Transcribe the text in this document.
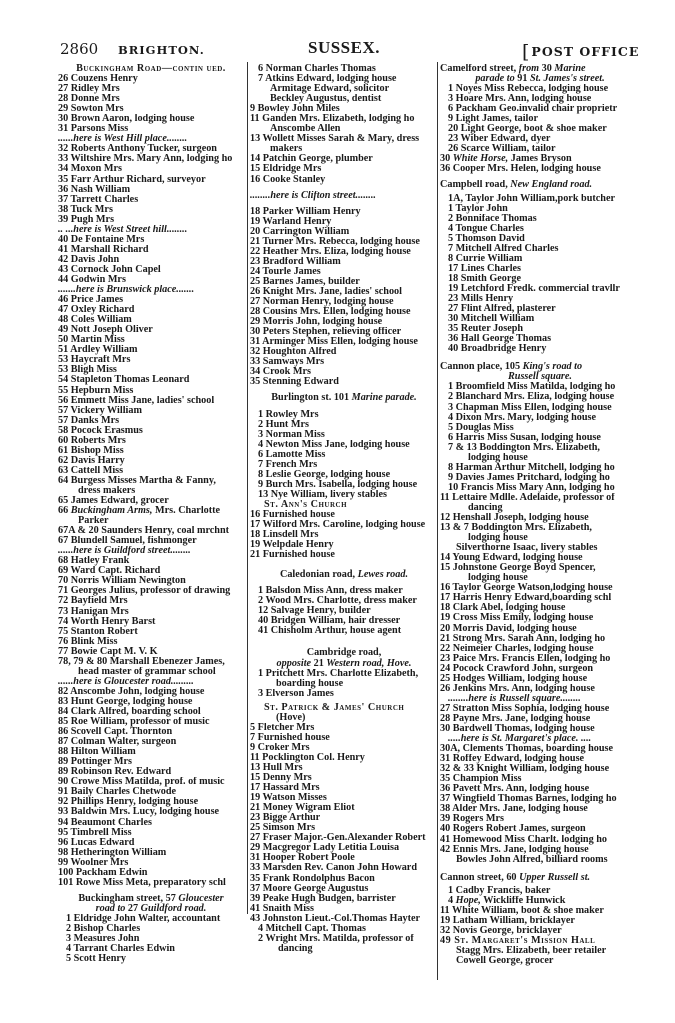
2860 BRIGHTON.	SUSSEX.	[POST OFFICE
Buckingham Road—contin ued.
26 Couzens Henry
27 Ridley Mrs
28 Donne Mrs
29 Sowton Mrs
30 Brown Aaron, lodging house
31 Parsons Miss
......here is West Hill place........
32 Roberts Anthony Tucker, surgeon
33 Wiltshire Mrs. Mary Ann, lodging ho
34 Moxon Mrs
35 Farr Arthur Richard, surveyor
36 Nash William
37 Tarrett Charles
38 Tuck Mrs
39 Pugh Mrs
.. ...here is West Street hill........
40 De Fontaine Mrs
41 Marshall Richard
42 Davis John
43 Cornock John Capel
44 Godwin Mrs
.......here is Brunswick place.......
46 Price James
47 Oxley Richard
48 Coles William
49 Nott Joseph Oliver
50 Martin Miss
51 Ardley William
53 Haycraft Mrs
53 Bligh Miss
54 Stapleton Thomas Leonard
55 Hepburn Miss
56 Emmett Miss Jane, ladies' school
57 Vickery William
57 Danks Mrs
58 Pocock Erasmus
60 Roberts Mrs
61 Bishop Miss
62 Davis Harry
63 Cattell Miss
64 Burgess Misses Martha & Fanny,
dress makers
65 James Edward, grocer
66 Buckingham Arms, Mrs. Charlotte
Parker
67A & 20 Saunders Henry, coal mrchnt
67 Blundell Samuel, fishmonger
......here is Guildford street........
68 Hatley Frank
69 Ward Capt. Richard
70 Norris William Newington
71 Georges Julius, professor of drawing
72 Bayfield Mrs
73 Hanigan Mrs
74 Worth Henry Barst
75 Stanton Robert
76 Blink Miss
77 Bowie Capt M. V. K
78, 79 & 80 Marshall Ebenezer James,
head master of grammar school
......here is Gloucester road.........
82 Anscombe John, lodging house
83 Hunt George, lodging house
84 Clark Alfred, boarding school
85 Roe William, professor of music
86 Scovell Capt. Thornton
87 Colman Walter, surgeon
88 Hilton William
89 Pottinger Mrs
89 Robinson Rev. Edward
90 Crowe Miss Matilda, prof. of music
91 Baily Charles Chetwode
92 Phillips Henry, lodging house
93 Baldwin Mrs. Lucy, lodging house
94 Beaumont Charles
95 Timbrell Miss
96 Lucas Edward
98 Hetherington William
99 Woolner Mrs
100 Packham Edwin
101 Rowe Miss Meta, preparatory schl
Buckingham street, 57 Gloucester
road to 27 Guildford road.
1 Eldridge John Walter, accountant
2 Bishop Charles
3 Measures John
4 Tarrant Charles Edwin
5 Scott Henry
6 Norman Charles Thomas
7 Atkins Edward, lodging house
Armitage Edward, solicitor
Beckley Augustus, dentist
9 Bowley John Miles
11 Ganden Mrs. Elizabeth, lodging ho
Anscombe Allen
13 Wollett Misses Sarah & Mary, dress
makers
14 Patchin George, plumber
15 Eldridge Mrs
16 Cooke Stanley
........here is Clifton street........
18 Parker William Henry
19 Warland Henry
20 Carrington William
21 Turner Mrs. Rebecca, lodging house
22 Heather Mrs. Eliza, lodging house
23 Bradford William
24 Tourle James
25 Barnes James, builder
26 Knight Mrs. Jane, ladies' school
27 Norman Henry, lodging house
28 Cousins Mrs. Ellen, lodging house
29 Morris John, lodging house
30 Peters Stephen, relieving officer
31 Arminger Miss Ellen, lodging house
32 Houghton Alfred
33 Samways Mrs
34 Crook Mrs
35 Stenning Edward
Burlington st. 101 Marine parade.
1 Rowley Mrs
2 Hunt Mrs
3 Norman Miss
4 Newton Miss Jane, lodging house
6 Lamotte Miss
7 French Mrs
8 Leslie George, lodging house
9 Burch Mrs. Isabella, lodging house
13 Nye William, livery stables
St. Ann's Church
16 Furnished house
17 Wilford Mrs. Caroline, lodging house
18 Linsdell Mrs
19 Welpdale Henry
21 Furnished house
Caledonian road, Lewes road.
1 Balsdon Miss Ann, dress maker
2 Wood Mrs. Charlotte, dress maker
12 Salvage Henry, builder
40 Bridgen William, hair dresser
41 Chisholm Arthur, house agent
Cambridge road,
opposite 21 Western road, Hove.
1 Pritchett Mrs. Charlotte Elizabeth,
boarding house
3 Elverson James
St. Patrick & James' Church
(Hove)
5 Fletcher Mrs
7 Furnished house
9 Croker Mrs
11 Pocklington Col. Henry
13 Hull Mrs
15 Denny Mrs
17 Hassard Mrs
19 Watson Misses
21 Money Wigram Eliot
23 Bigge Arthur
25 Simson Mrs
27 Fraser Major.-Gen.Alexander Robert
29 Macgregor Lady Letitia Louisa
31 Hooper Robert Poole
33 Marsden Rev. Canon John Howard
35 Frank Rondolphus Bacon
37 Moore George Augustus
39 Peake Hugh Budgen, barrister
41 Snaith Miss
43 Johnston Lieut.-Col.Thomas Hayter
4 Mitchell Capt. Thomas
2 Wright Mrs. Matilda, professor of
dancing
Camelford street, from 30 Marine
parade to 91 St. James's street.
1 Noyes Miss Rebecca, lodging house
3 Hoare Mrs. Ann, lodging house
6 Packham Geo.invalid chair proprietr
9 Light James, tailor
20 Light George, boot & shoe maker
23 Wiber Edward, dyer
26 Scarce William, tailor
30 White Horse, James Bryson
36 Cooper Mrs. Helen, lodging house
Campbell road, New England road.
1A, Taylor John William,pork butcher
1 Taylor John
2 Bonniface Thomas
4 Tongue Charles
5 Thomson David
7 Mitchell Alfred Charles
8 Currie William
17 Lines Charles
18 Smith George
19 Letchford Fredk. commercial travllr
23 Mills Henry
27 Flint Alfred, plasterer
30 Mitchell William
35 Reuter Joseph
36 Hall George Thomas
40 Broadbridge Henry
Cannon place, 105 King's road to
Russell square.
1 Broomfield Miss Matilda, lodging ho
2 Blanchard Mrs. Eliza, lodging house
3 Chapman Miss Ellen, lodging house
4 Dixon Mrs. Mary, lodging house
5 Douglas Miss
6 Harris Miss Susan, lodging house
7 & 13 Boddington Mrs. Elizabeth,
lodging house
8 Harman Arthur Mitchell, lodging ho
9 Davies James Pritchard, lodging ho
10 Francis Miss Mary Ann, lodging ho
11 Lettaire Mdlle. Adelaide, professor of
dancing
12 Henshall Joseph, lodging house
13 & 7 Boddington Mrs. Elizabeth,
lodging house
Silverthorne Isaac, livery stables
14 Young Edward, lodging house
15 Johnstone George Boyd Spencer,
lodging house
16 Taylor George Watson,lodging house
17 Harris Henry Edward,boarding schl
18 Clark Abel, lodging house
19 Cross Miss Emily, lodging house
20 Morris David, lodging house
21 Strong Mrs. Sarah Ann, lodging ho
22 Neimeier Charles, lodging house
23 Paice Mrs. Francis Ellen, lodging ho
24 Pocock Crawford John, surgeon
25 Hodges William, lodging house
26 Jenkins Mrs. Ann, lodging house
........here is Russell square........
27 Stratton Miss Sophia, lodging house
28 Payne Mrs. Jane, lodging house
30 Bardwell Thomas, lodging house
.....here is St. Margaret's place. ....
30A, Clements Thomas, boarding house
31 Roffey Edward, lodging house
32 & 33 Knight William, lodging house
35 Champion Miss
36 Pavett Mrs. Ann, lodging house
37 Wingfield Thomas Barnes, lodging ho
38 Alder Mrs. Jane, lodging house
39 Rogers Mrs
40 Rogers Robert James, surgeon
41 Homewood Miss Charlt. lodging ho
42 Ennis Mrs. Jane, lodging house
Bowles John Alfred, billiard rooms
Cannon street, 60 Upper Russell st.
1 Cadby Francis, baker
4 Hope, Wickliffe Hunwick
11 White William, boot & shoe maker
19 Latham William, bricklayer
32 Novis George, bricklayer
49 St. Margaret's Mission Hall
Stagg Mrs. Elizabeth, beer retailer
Cowell George, grocer
